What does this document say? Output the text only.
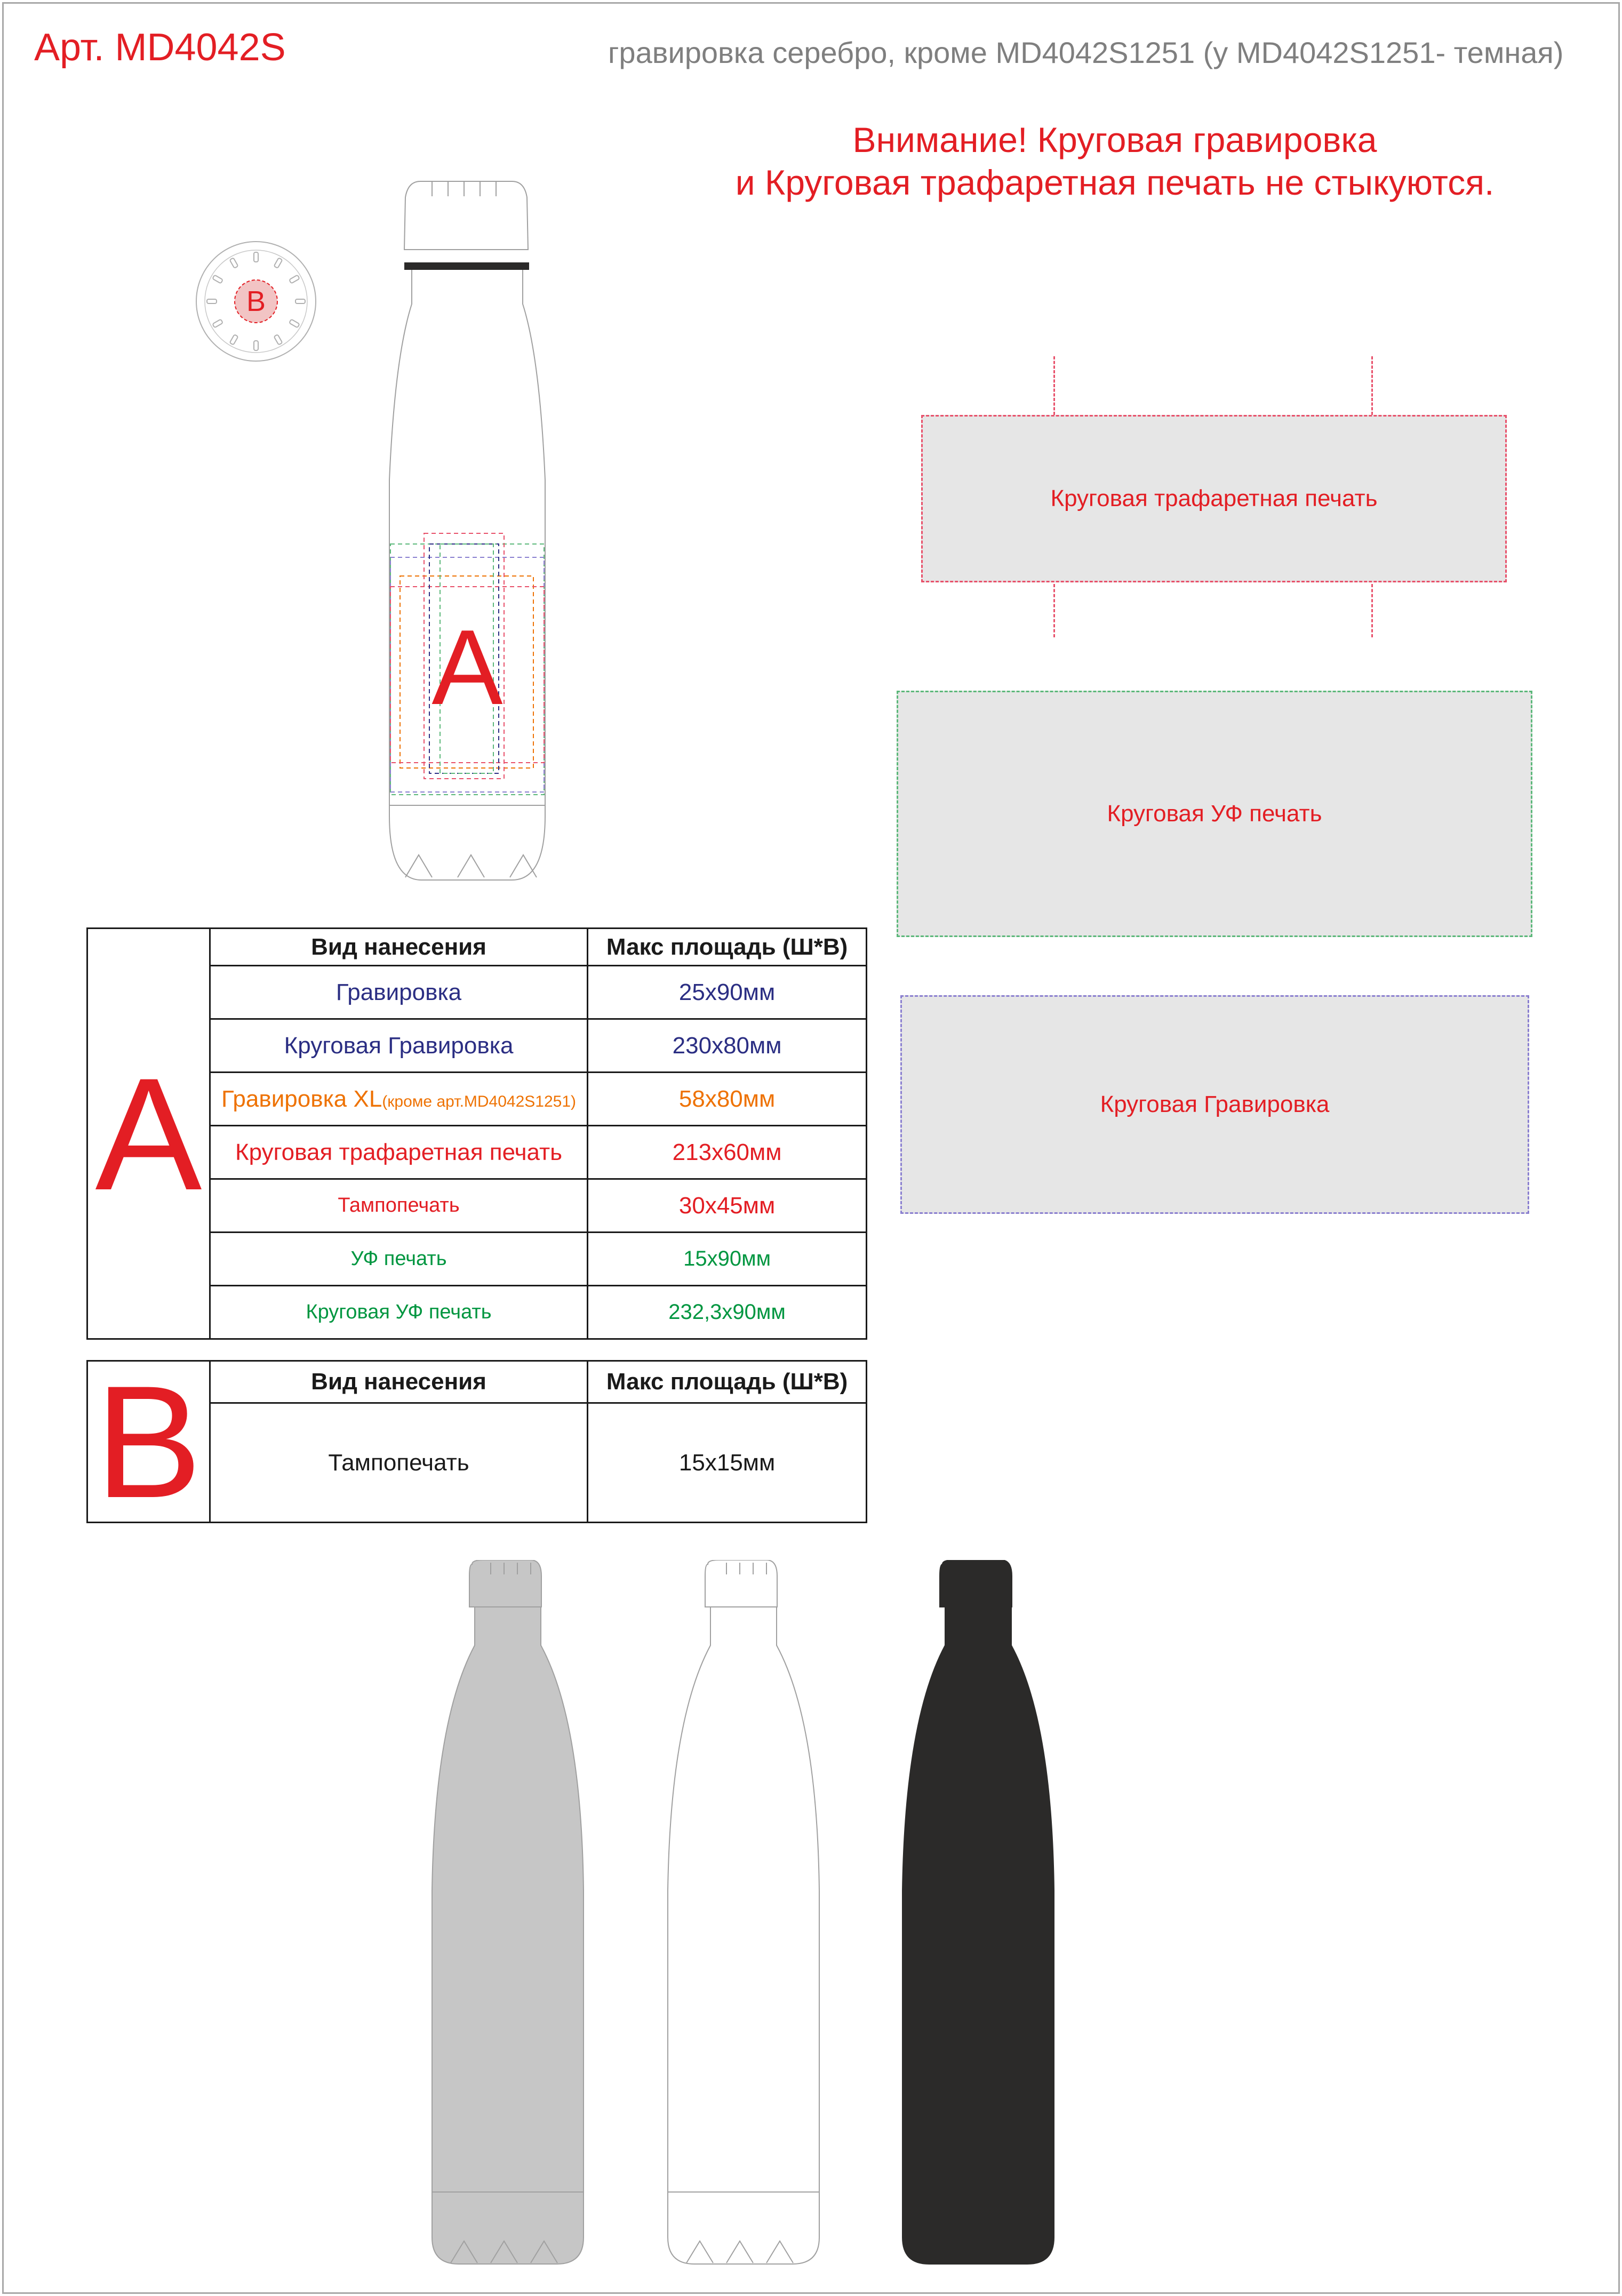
Арт. MD4042S	гравировка серебро, кроме MD4042S1251 (у MD4042S1251- темная)
Внимание! Круговая гравировка
и Круговая трафаретная печать не стыкуются.
B
A
Круговая трафаретная печать
Круговая УФ печать
Круговая Гравировка
A	Вид нанесения	Макс площадь (Ш*В)
	Гравировка	25x90мм
	Круговая Гравировка	230x80мм
	Гравировка XL(кроме арт.MD4042S1251)	58x80мм
	Круговая трафаретная печать	213x60мм
	Тампопечать	30x45мм
	УФ печать	15x90мм
	Круговая УФ печать	232,3x90мм
B	Вид нанесения	Макс площадь (Ш*В)
	Тампопечать	15x15мм
